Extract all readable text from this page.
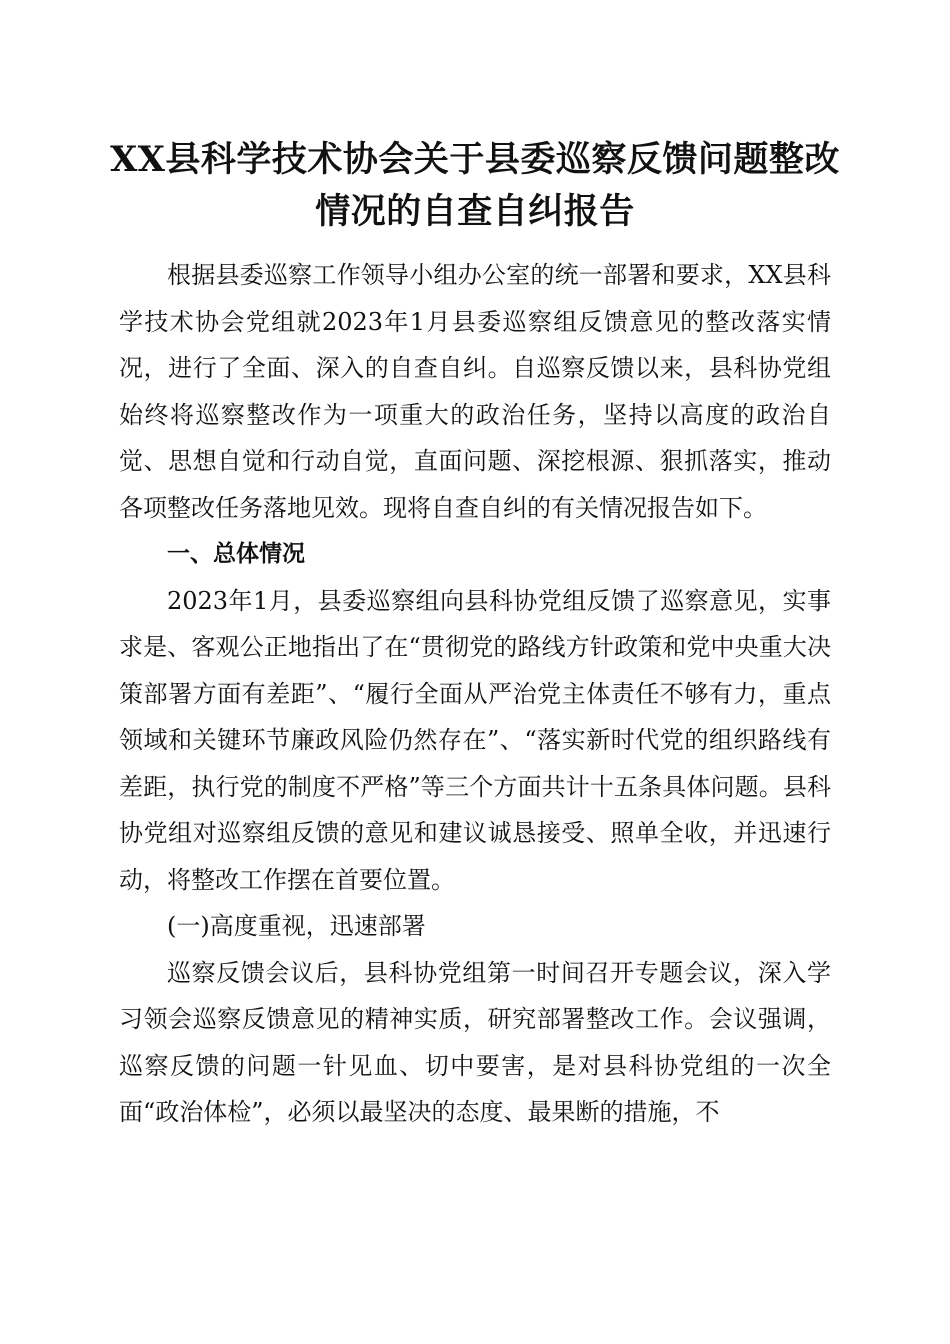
XX县科学技术协会关于县委巡察反馈问题整改情况的自查自纠报告

根据县委巡察工作领导小组办公室的统一部署和要求，XX县科学技术协会党组就2023年1月县委巡察组反馈意见的整改落实情况，进行了全面、深入的自查自纠。自巡察反馈以来，县科协党组始终将巡察整改作为一项重大的政治任务，坚持以高度的政治自觉、思想自觉和行动自觉，直面问题、深挖根源、狠抓落实，推动各项整改任务落地见效。现将自查自纠的有关情况报告如下。

一、总体情况

2023年1月，县委巡察组向县科协党组反馈了巡察意见，实事求是、客观公正地指出了在“贯彻党的路线方针政策和党中央重大决策部署方面有差距”、“履行全面从严治党主体责任不够有力，重点领域和关键环节廉政风险仍然存在”、“落实新时代党的组织路线有差距，执行党的制度不严格”等三个方面共计十五条具体问题。县科协党组对巡察组反馈的意见和建议诚恳接受、照单全收，并迅速行动，将整改工作摆在首要位置。

(一)高度重视，迅速部署

巡察反馈会议后，县科协党组第一时间召开专题会议，深入学习领会巡察反馈意见的精神实质，研究部署整改工作。会议强调，巡察反馈的问题一针见血、切中要害，是对县科协党组的一次全面“政治体检”，必须以最坚决的态度、最果断的措施，不
